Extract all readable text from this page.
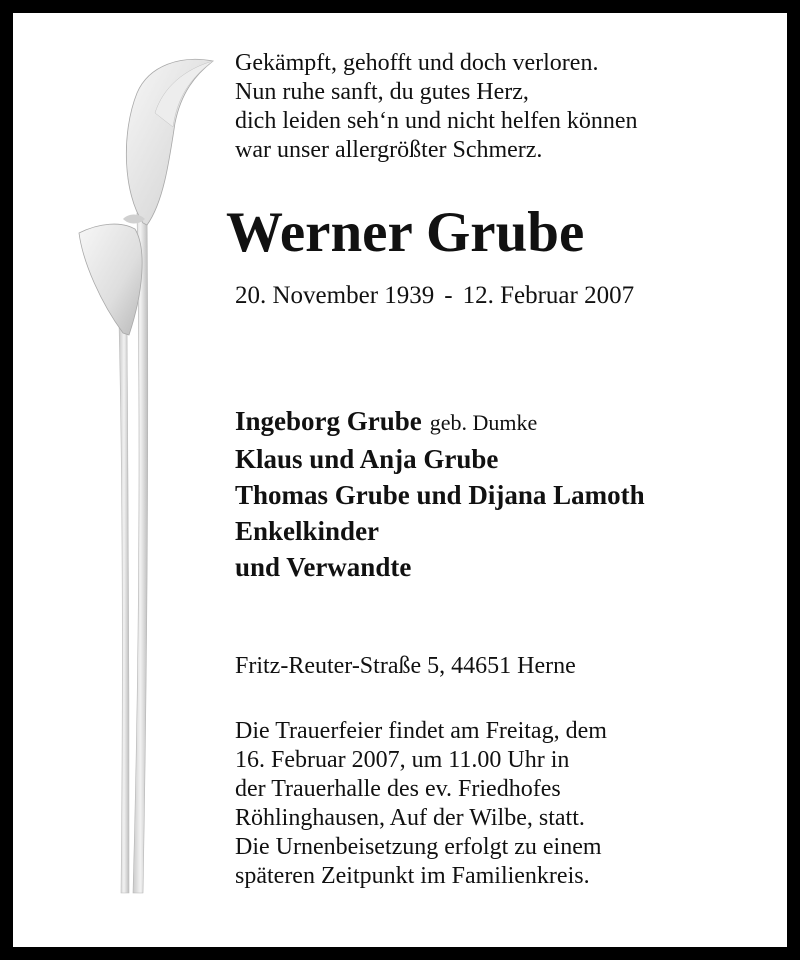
Gekämpft, gehofft und doch verloren.
Nun ruhe sanft, du gutes Herz,
dich leiden seh‘n und nicht helfen können
war unser allergrößter Schmerz.
Werner Grube
20. November 1939 - 12. Februar 2007
Ingeborg Grube geb. Dumke
Klaus und Anja Grube
Thomas Grube und Dijana Lamoth
Enkelkinder
und Verwandte
Fritz-Reuter-Straße 5, 44651 Herne
Die Trauerfeier findet am Freitag, dem
16. Februar 2007, um 11.00 Uhr in
der Trauerhalle des ev. Friedhofes
Röhlinghausen, Auf der Wilbe, statt.
Die Urnenbeisetzung erfolgt zu einem
späteren Zeitpunkt im Familienkreis.
